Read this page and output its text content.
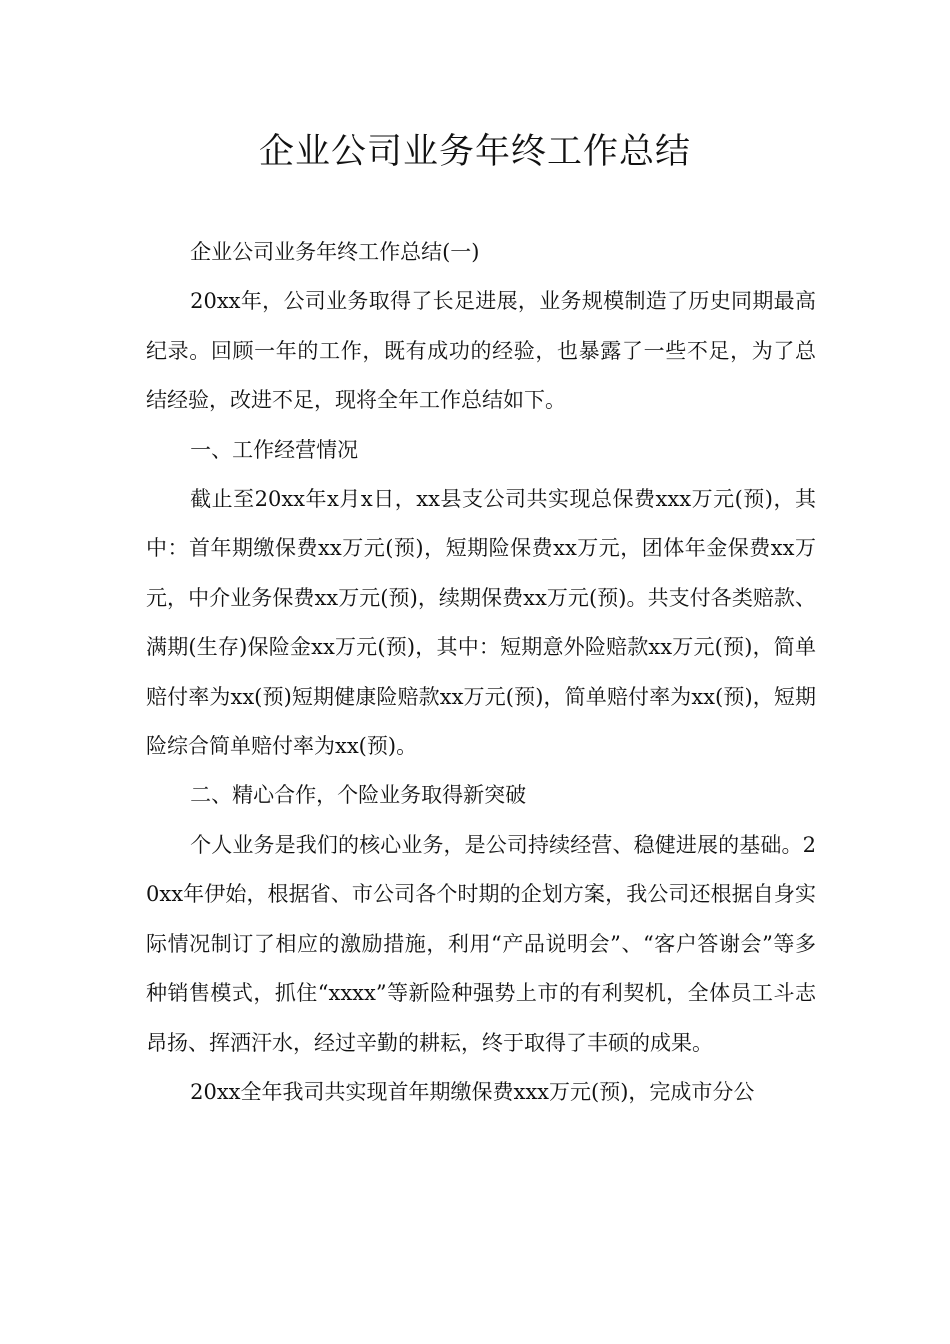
企业公司业务年终工作总结

企业公司业务年终工作总结(一)

20xx年，公司业务取得了长足进展，业务规模制造了历史同期最高纪录。回顾一年的工作，既有成功的经验，也暴露了一些不足，为了总结经验，改进不足，现将全年工作总结如下。

一、工作经营情况

截止至20xx年x月x日，xx县支公司共实现总保费xxx万元(预)，其中：首年期缴保费xx万元(预)，短期险保费xx万元，团体年金保费xx万元，中介业务保费xx万元(预)，续期保费xx万元(预)。共支付各类赔款、满期(生存)保险金xx万元(预)，其中：短期意外险赔款xx万元(预)，简单赔付率为xx(预)短期健康险赔款xx万元(预)，简单赔付率为xx(预)，短期险综合简单赔付率为xx(预)。

二、精心合作，个险业务取得新突破

个人业务是我们的核心业务，是公司持续经营、稳健进展的基础。20xx年伊始，根据省、市公司各个时期的企划方案，我公司还根据自身实际情况制订了相应的激励措施，利用“产品说明会”、“客户答谢会”等多种销售模式，抓住“xxxx”等新险种强势上市的有利契机，全体员工斗志昂扬、挥洒汗水，经过辛勤的耕耘，终于取得了丰硕的成果。

20xx全年我司共实现首年期缴保费xxx万元(预)，完成市分公
